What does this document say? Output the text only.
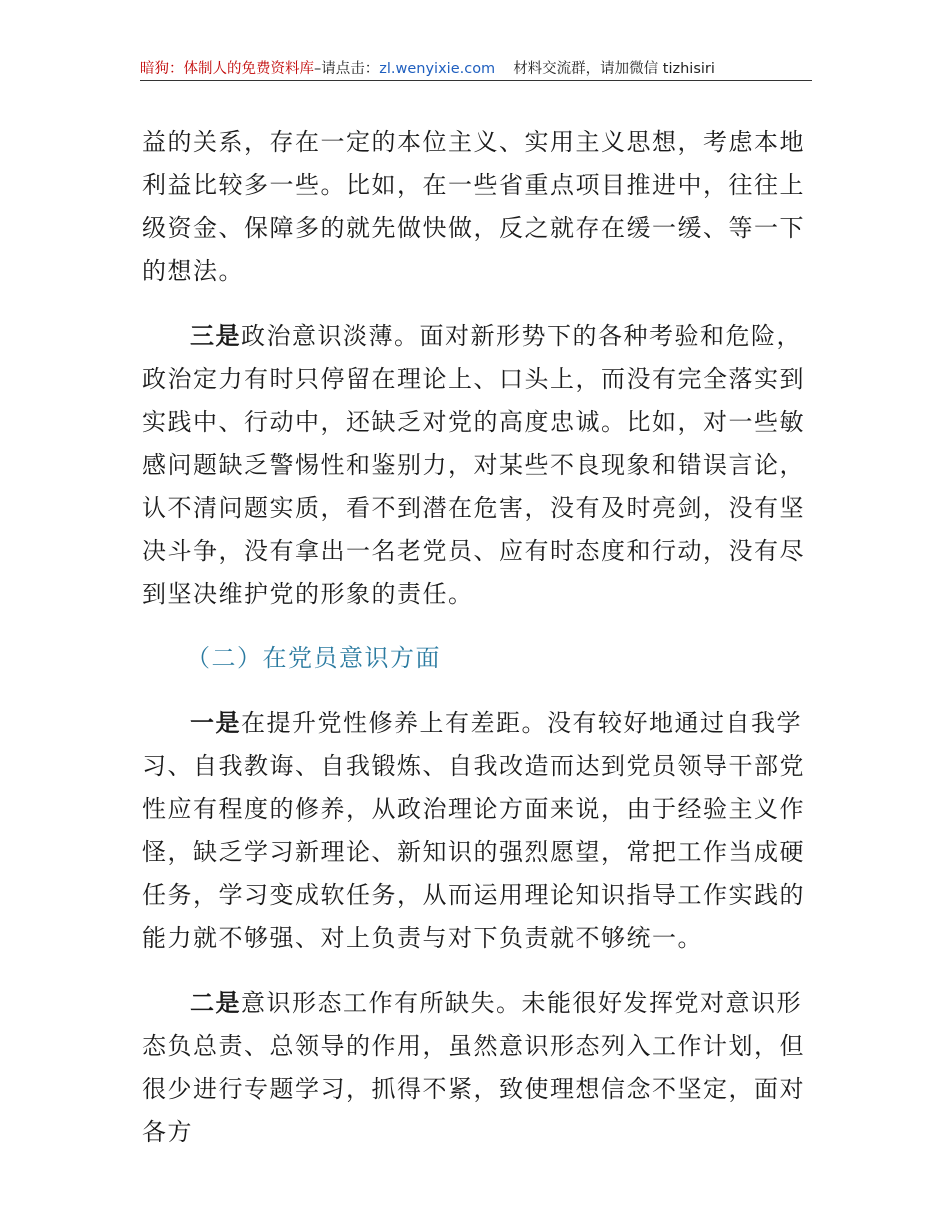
暗狗：体制人的免费资料库–请点击：zl.wenyixie.com 材料交流群，请加微信 tizhisiri

益的关系，存在一定的本位主义、实用主义思想，考虑本地利益比较多一些。比如，在一些省重点项目推进中，往往上级资金、保障多的就先做快做，反之就存在缓一缓、等一下的想法。

三是政治意识淡薄。面对新形势下的各种考验和危险，政治定力有时只停留在理论上、口头上，而没有完全落实到实践中、行动中，还缺乏对党的高度忠诚。比如，对一些敏感问题缺乏警惕性和鉴别力，对某些不良现象和错误言论，认不清问题实质，看不到潜在危害，没有及时亮剑，没有坚决斗争，没有拿出一名老党员、应有时态度和行动，没有尽到坚决维护党的形象的责任。

（二）在党员意识方面

一是在提升党性修养上有差距。没有较好地通过自我学习、自我教诲、自我锻炼、自我改造而达到党员领导干部党性应有程度的修养，从政治理论方面来说，由于经验主义作怪，缺乏学习新理论、新知识的强烈愿望，常把工作当成硬任务，学习变成软任务，从而运用理论知识指导工作实践的能力就不够强、对上负责与对下负责就不够统一。

二是意识形态工作有所缺失。未能很好发挥党对意识形态负总责、总领导的作用，虽然意识形态列入工作计划，但很少进行专题学习，抓得不紧，致使理想信念不坚定，面对各方
